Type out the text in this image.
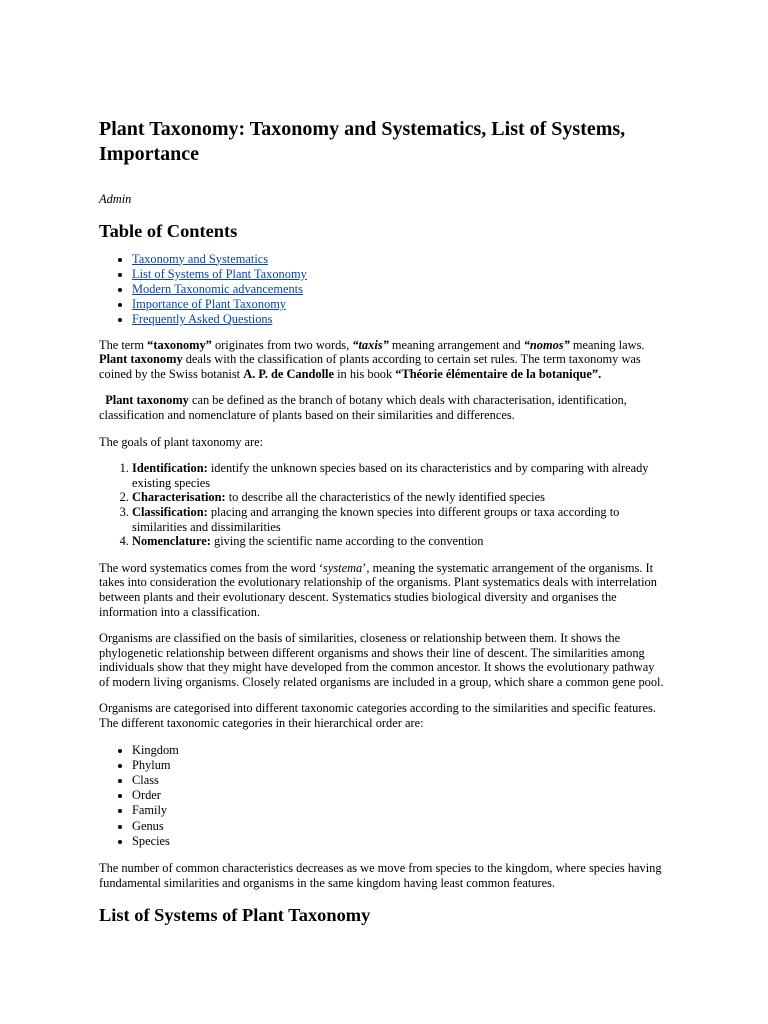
Plant Taxonomy: Taxonomy and Systematics, List of Systems, Importance
Admin
Table of Contents
• Taxonomy and Systematics
• List of Systems of Plant Taxonomy
• Modern Taxonomic advancements
• Importance of Plant Taxonomy
• Frequently Asked Questions

The term “taxonomy” originates from two words, “taxis” meaning arrangement and “nomos” meaning laws. Plant taxonomy deals with the classification of plants according to certain set rules. The term taxonomy was coined by the Swiss botanist A. P. de Candolle in his book “Théorie élémentaire de la botanique”.

Plant taxonomy can be defined as the branch of botany which deals with characterisation, identification, classification and nomenclature of plants based on their similarities and differences.

The goals of plant taxonomy are:

1. Identification: identify the unknown species based on its characteristics and by comparing with already existing species
2. Characterisation: to describe all the characteristics of the newly identified species
3. Classification: placing and arranging the known species into different groups or taxa according to similarities and dissimilarities
4. Nomenclature: giving the scientific name according to the convention

The word systematics comes from the word ‘systema’, meaning the systematic arrangement of the organisms. It takes into consideration the evolutionary relationship of the organisms. Plant systematics deals with interrelation between plants and their evolutionary descent. Systematics studies biological diversity and organises the information into a classification.

Organisms are classified on the basis of similarities, closeness or relationship between them. It shows the phylogenetic relationship between different organisms and shows their line of descent. The similarities among individuals show that they might have developed from the common ancestor. It shows the evolutionary pathway of modern living organisms. Closely related organisms are included in a group, which share a common gene pool.

Organisms are categorised into different taxonomic categories according to the similarities and specific features. The different taxonomic categories in their hierarchical order are:

• Kingdom
• Phylum
• Class
• Order
• Family
• Genus
• Species

The number of common characteristics decreases as we move from species to the kingdom, where species having fundamental similarities and organisms in the same kingdom having least common features.

List of Systems of Plant Taxonomy
